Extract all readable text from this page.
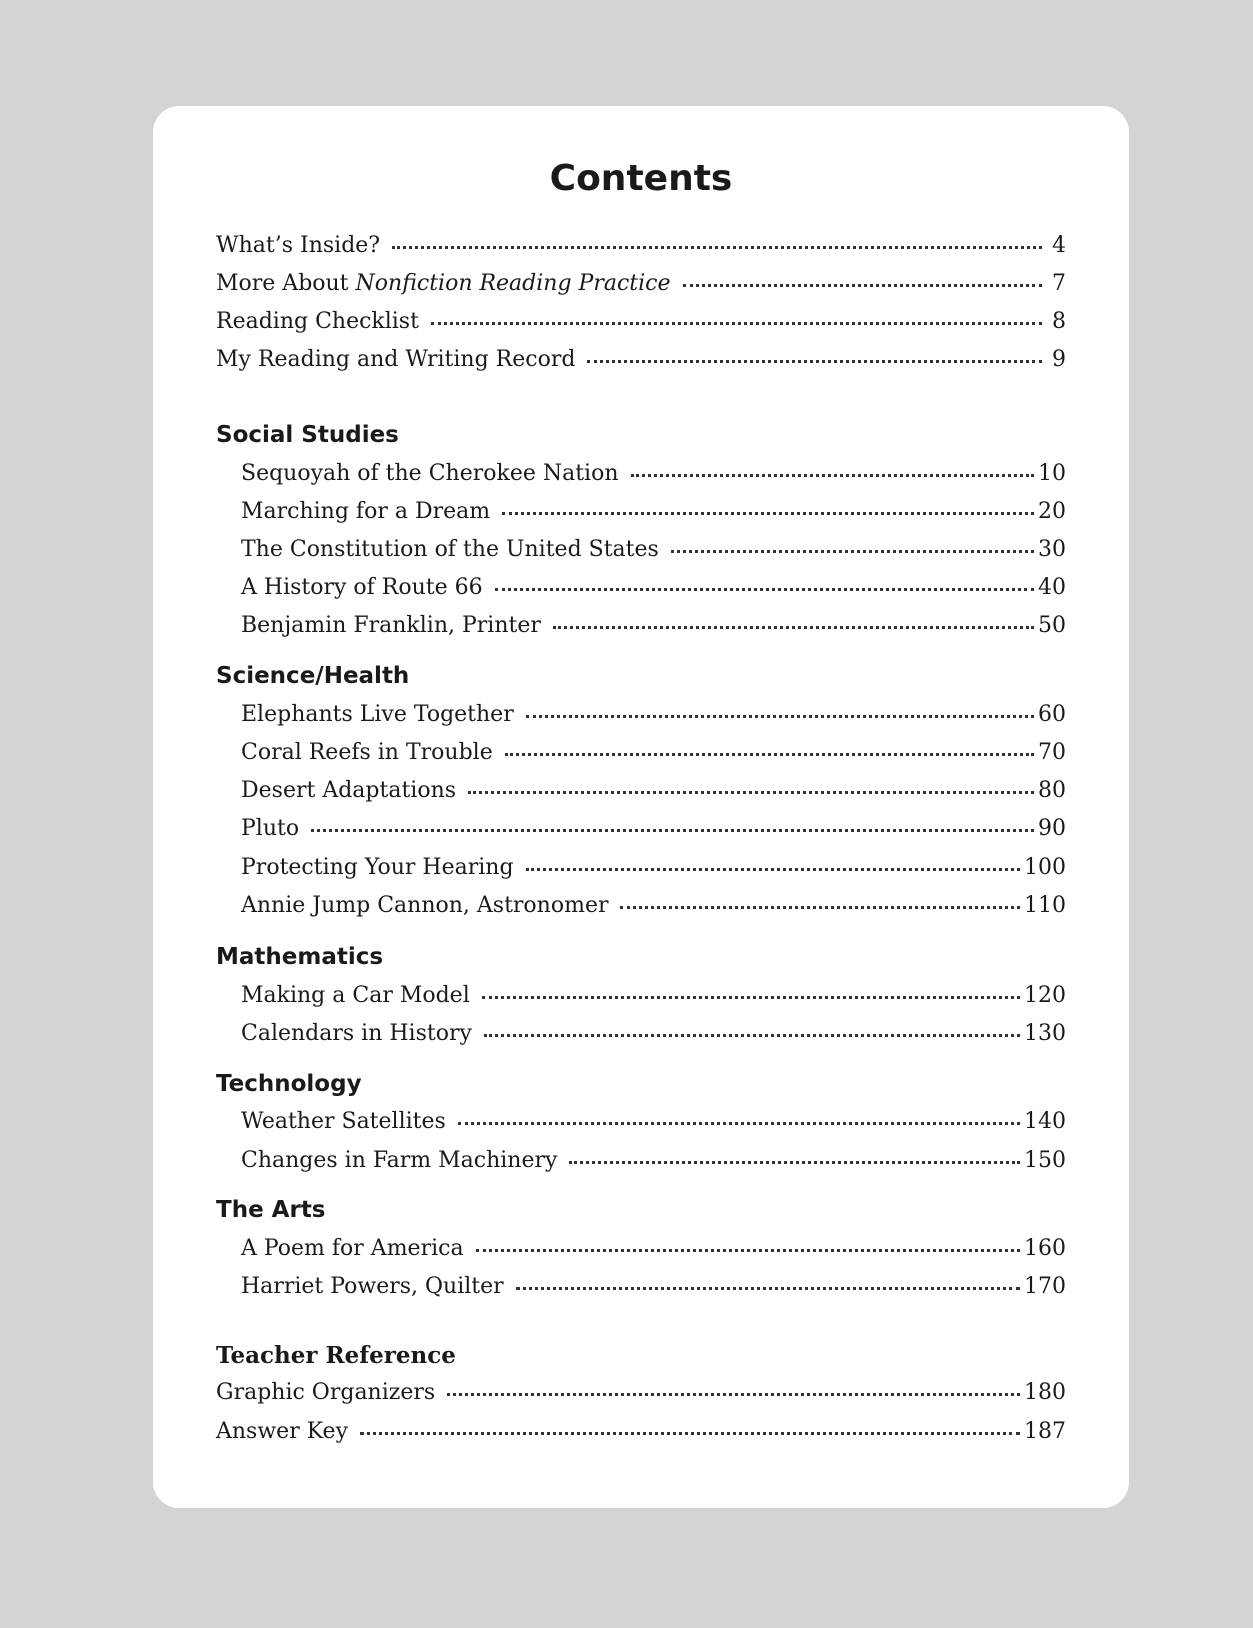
Contents
What’s Inside?	4
More About Nonfiction Reading Practice	7
Reading Checklist	8
My Reading and Writing Record	9
Social Studies
Sequoyah of the Cherokee Nation	10
Marching for a Dream	20
The Constitution of the United States	30
A History of Route 66	40
Benjamin Franklin, Printer	50
Science/Health
Elephants Live Together	60
Coral Reefs in Trouble	70
Desert Adaptations	80
Pluto	90
Protecting Your Hearing	100
Annie Jump Cannon, Astronomer	110
Mathematics
Making a Car Model	120
Calendars in History	130
Technology
Weather Satellites	140
Changes in Farm Machinery	150
The Arts
A Poem for America	160
Harriet Powers, Quilter	170
Teacher Reference
Graphic Organizers	180
Answer Key	187
